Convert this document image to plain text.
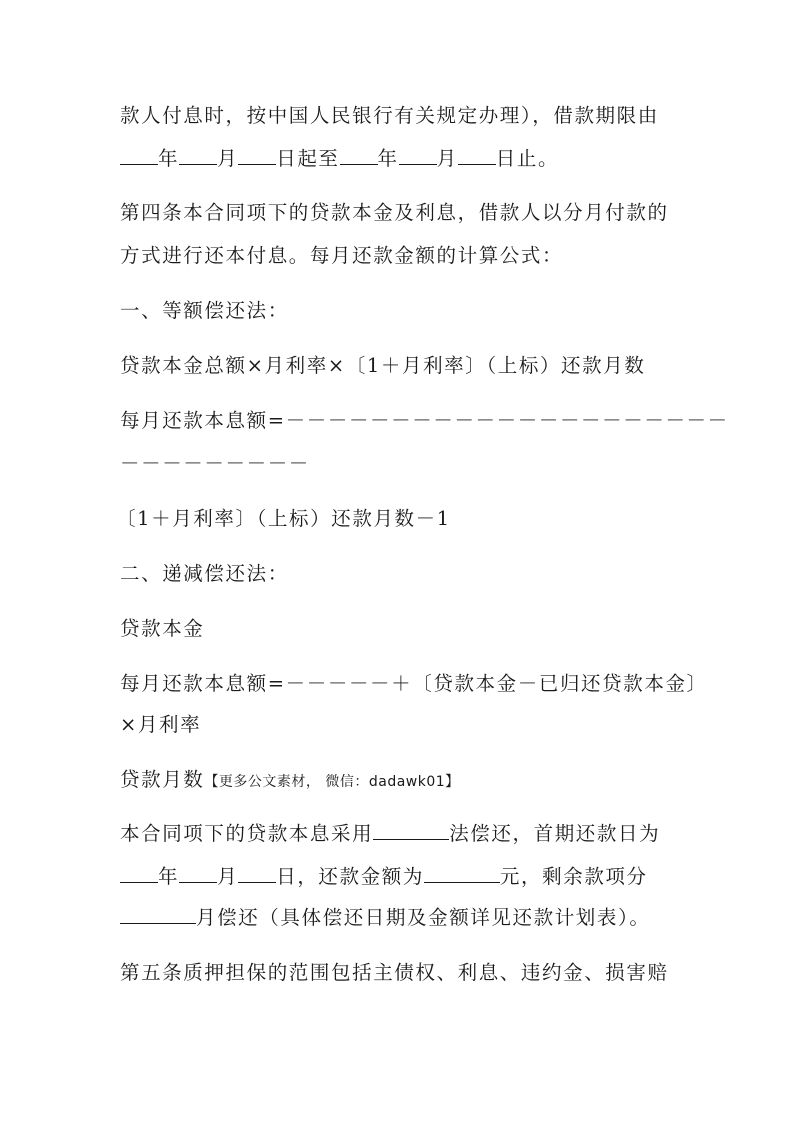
款人付息时，按中国人民银行有关规定办理），借款期限由
年 月 日起至 年 月 日止。
第四条本合同项下的贷款本金及利息，借款人以分月付款的
方式进行还本付息。每月还款金额的计算公式：
一、等额偿还法：
贷款本金总额×月利率×〔1＋月利率〕（上标）还款月数
每月还款本息额=－－－－－－－－－－－－－－－－－－－－－
－－－－－－－－－
〔1＋月利率〕（上标）还款月数－1
二、递减偿还法：
贷款本金
每月还款本息额=－－－－－＋〔贷款本金－已归还贷款本金〕
×月利率
贷款月数【更多公文素材， 微信：dadawk01】
本合同项下的贷款本息采用	法偿还，首期还款日为
年 月 日，还款金额为	元，剩余款项分
月偿还（具体偿还日期及金额详见还款计划表）。
第五条质押担保的范围包括主债权、利息、违约金、损害赔
